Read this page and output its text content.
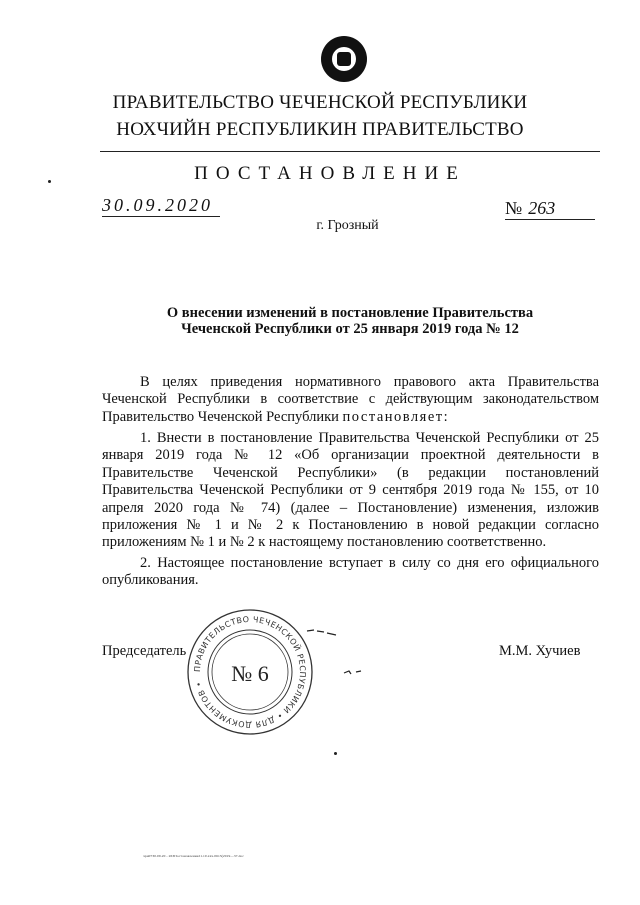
ПРАВИТЕЛЬСТВО ЧЕЧЕНСКОЙ РЕСПУБЛИКИ
НОХЧИЙН РЕСПУБЛИКИН ПРАВИТЕЛЬСТВО
ПОСТАНОВЛЕНИЕ
30.09.2020	№ 263
г. Грозный
О внесении изменений в постановление Правительства
Чеченской Республики от 25 января 2019 года № 12
В целях приведения нормативного правового акта Правительства Чеченской Республики в соответствие с действующим законодательством Правительство Чеченской Республики постановляет:
1. Внести в постановление Правительства Чеченской Республики от 25 января 2019 года № 12 «Об организации проектной деятельности в Правительстве Чеченской Республики» (в редакции постановлений Правительства Чеченской Республики от 9 сентября 2019 года № 155, от 10 апреля 2020 года № 74) (далее – Постановление) изменения, изложив приложения № 1 и № 2 к Постановлению в новой редакции согласно приложениям № 1 и № 2 к настоящему постановлению соответственно.
2. Настоящее постановление вступает в силу со дня его официального опубликования.
Председатель	М.М. Хучиев
ПРАВИТЕЛЬСТВО ЧЕЧЕНСКОЙ РЕСПУБЛИКИ • ДЛЯ ДОКУМЕНТОВ •	№ 6
чрн0730.09.20 - 263Постановление21.10.ххх.0613(2019—37.doc
